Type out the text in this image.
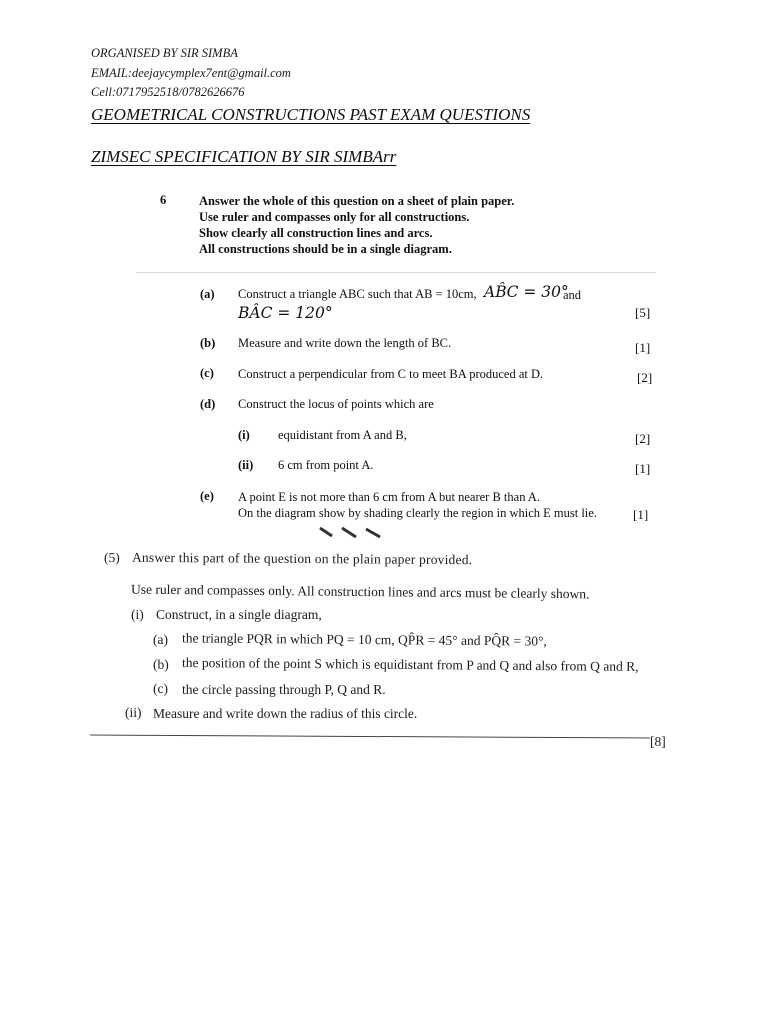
ORGANISED BY SIR SIMBA
EMAIL:deejaycymplex7ent@gmail.com
Cell:0717952518/0782626676
GEOMETRICAL CONSTRUCTIONS PAST EXAM QUESTIONS
ZIMSEC SPECIFICATION BY SIR SIMBArr
6	Answer the whole of this question on a sheet of plain paper.
Use ruler and compasses only for all constructions.
Show clearly all construction lines and arcs.
All constructions should be in a single diagram.
(a) Construct a triangle ABC such that AB = 10cm, AB̂C = 30°
and
BÂC = 120°	[5]
(b) Measure and write down the length of BC.	[1]
(c) Construct a perpendicular from C to meet BA produced at D.	[2]
(d) Construct the locus of points which are
(i) equidistant from A and B,	[2]
(ii) 6 cm from point A.	[1]
(e) A point E is not more than 6 cm from A but nearer B than A.
On the diagram show by shading clearly the region in which E must lie.	[1]
(5) Answer this part of the question on the plain paper provided.
Use ruler and compasses only. All construction lines and arcs must be clearly shown.
(i) Construct, in a single diagram,
(a) the triangle PQR in which PQ = 10 cm, QP̂R = 45° and PQ̂R = 30°,
(b) the position of the point S which is equidistant from P and Q and also from Q and R,
(c) the circle passing through P, Q and R.
(ii) Measure and write down the radius of this circle.
[8]
